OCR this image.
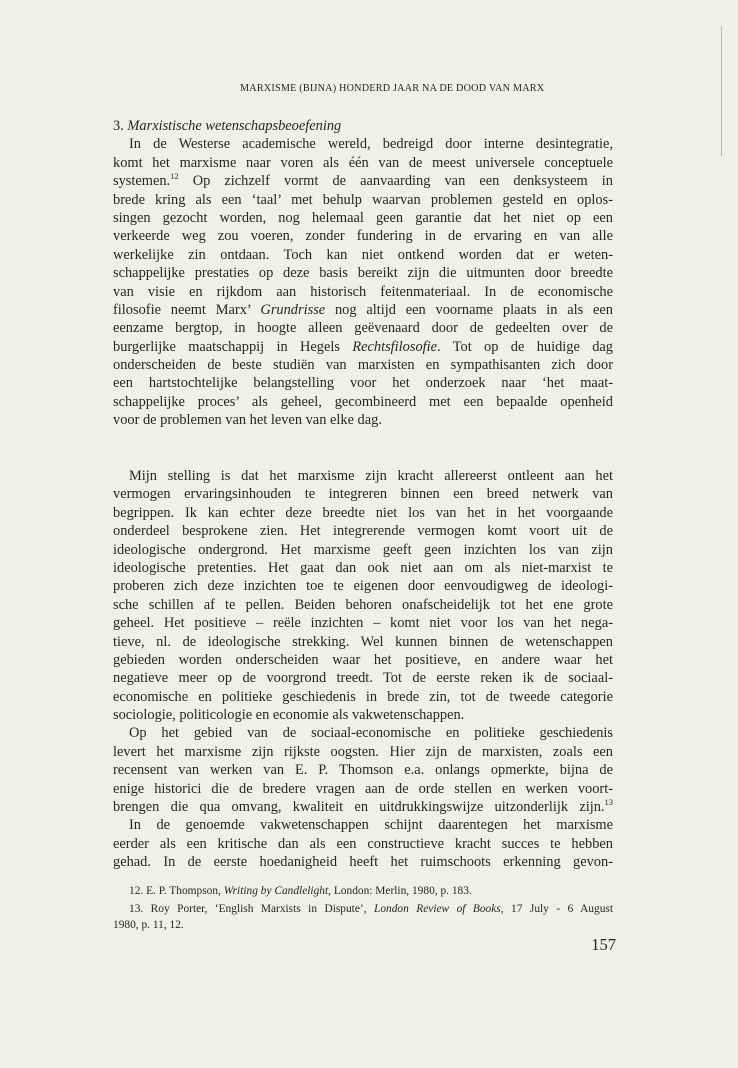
MARXISME (BIJNA) HONDERD JAAR NA DE DOOD VAN MARX
3. Marxistische wetenschapsbeoefening

In de Westerse academische wereld, bedreigd door interne desintegratie,
komt het marxisme naar voren als één van de meest universele conceptuele
systemen.$^{12}$ Op zichzelf vormt de aanvaarding van een denksysteem in
brede kring als een ‘taal’ met behulp waarvan problemen gesteld en oplos-
singen gezocht worden, nog helemaal geen garantie dat het niet op een
verkeerde weg zou voeren, zonder fundering in de ervaring en van alle
werkelijke zin ontdaan. Toch kan niet ontkend worden dat er weten-
schappelijke prestaties op deze basis bereikt zijn die uitmunten door breedte
van visie en rijkdom aan historisch feitenmateriaal. In de economische
filosofie neemt Marx’ Grundrisse nog altijd een voorname plaats in als een
eenzame bergtop, in hoogte alleen geëvenaard door de gedeelten over de
burgerlijke maatschappij in Hegels Rechtsfilosofie. Tot op de huidige dag
onderscheiden de beste studiën van marxisten en sympathisanten zich door
een hartstochtelijke belangstelling voor het onderzoek naar ‘het maat-
schappelijke proces’ als geheel, gecombineerd met een bepaalde openheid
voor de problemen van het leven van elke dag.

Mijn stelling is dat het marxisme zijn kracht allereerst ontleent aan het
vermogen ervaringsinhouden te integreren binnen een breed netwerk van
begrippen. Ik kan echter deze breedte niet los van het in het voorgaande
onderdeel besprokene zien. Het integrerende vermogen komt voort uit de
ideologische ondergrond. Het marxisme geeft geen inzichten los van zijn
ideologische pretenties. Het gaat dan ook niet aan om als niet-marxist te
proberen zich deze inzichten toe te eigenen door eenvoudigweg de ideologi-
sche schillen af te pellen. Beiden behoren onafscheidelijk tot het ene grote
geheel. Het positieve – reële inzichten – komt niet voor los van het nega-
tieve, nl. de ideologische strekking. Wel kunnen binnen de wetenschappen
gebieden worden onderscheiden waar het positieve, en andere waar het
negatieve meer op de voorgrond treedt. Tot de eerste reken ik de sociaal-
economische en politieke geschiedenis in brede zin, tot de tweede categorie
sociologie, politicologie en economie als vakwetenschappen.

Op het gebied van de sociaal-economische en politieke geschiedenis
levert het marxisme zijn rijkste oogsten. Hier zijn de marxisten, zoals een
recensent van werken van E. P. Thomson e.a. onlangs opmerkte, bijna de
enige historici die de bredere vragen aan de orde stellen en werken voort-
brengen die qua omvang, kwaliteit en uitdrukkingswijze uitzonderlijk zijn.$^{13}$

In de genoemde vakwetenschappen schijnt daarentegen het marxisme
eerder als een kritische dan als een constructieve kracht succes te hebben
gehad. In de eerste hoedanigheid heeft het ruimschoots erkenning gevon-

12. E. P. Thompson, Writing by Candlelight, London: Merlin, 1980, p. 183.
13. Roy Porter, ‘English Marxists in Dispute’, London Review of Books, 17 July - 6 August
1980, p. 11, 12.
157
